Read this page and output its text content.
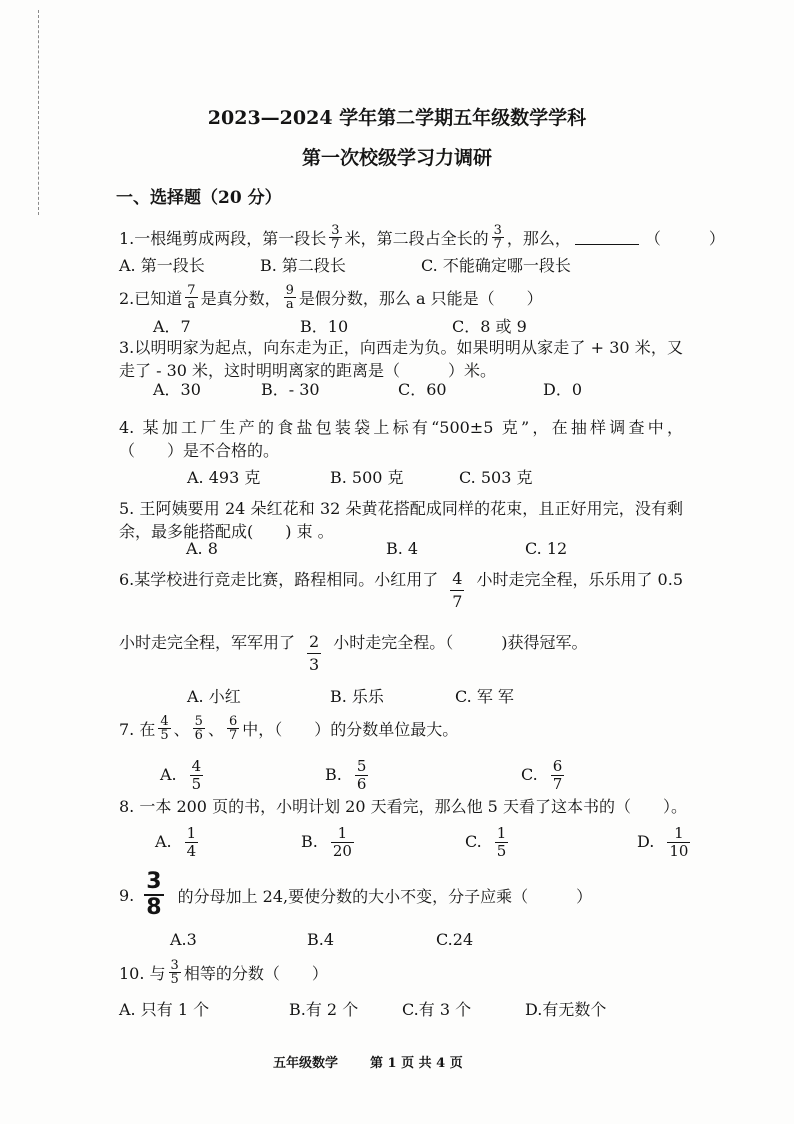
2023—2024 学年第二学期五年级数学学科
第一次校级学习力调研
一、选择题（20 分）
1.一根绳剪成两段，第一段长 $\frac{3}{7}$ 米，第二段占全长的 $\frac{3}{7}$ ，那么，	（　　　）
A. 第一段长	B. 第二段长	C. 不能确定哪一段长
2.已知道 $\frac{7}{a}$ 是真分数， $\frac{9}{a}$ 是假分数，那么 a 只能是（　　）
A．7	B．10	C．8 或 9
3.以明明家为起点，向东走为正，向西走为负。如果明明从家走了 + 30 米，又
走了 - 30 米，这时明明离家的距离是（　　　）米。
A．30	B．- 30	C．60	D．0
4. 某加工厂生产的食盐包装袋上标有“500±5 克”，在抽样调查中，
（　　）是不合格的。
A. 493 克	B. 500 克	C. 503 克
5. 王阿姨要用 24 朵红花和 32 朵黄花搭配成同样的花束，且正好用完，没有剩
余，最多能搭配成(　　) 束 。
A. 8	B. 4	C. 12
6.某学校进行竞走比赛，路程相同。小红用了 $\frac{4}{7}$ 小时走完全程，乐乐用了 0.5
小时走完全程，军军用了 $\frac{2}{3}$ 小时走完全程。（　　　)获得冠军。
A. 小红	B. 乐乐	C. 军 军
7. 在 $\frac{4}{5}$ 、 $\frac{5}{6}$ 、 $\frac{6}{7}$ 中，（　　）的分数单位最大。
A. $\frac{4}{5}$	B. $\frac{5}{6}$	C. $\frac{6}{7}$
8. 一本 200 页的书，小明计划 20 天看完，那么他 5 天看了这本书的（　　）。
A. $\frac{1}{4}$	B. $\frac{1}{20}$	C. $\frac{1}{5}$	D. $\frac{1}{10}$
9. $\frac{3}{8}$ 的分母加上 24,要使分数的大小不变，分子应乘（　　　）
A.3	B.4	C.24
10. 与 $\frac{3}{5}$ 相等的分数（　　）
A. 只有 1 个	B.有 2 个	C.有 3 个	D.有无数个
五年级数学 第 1 页 共 4 页
